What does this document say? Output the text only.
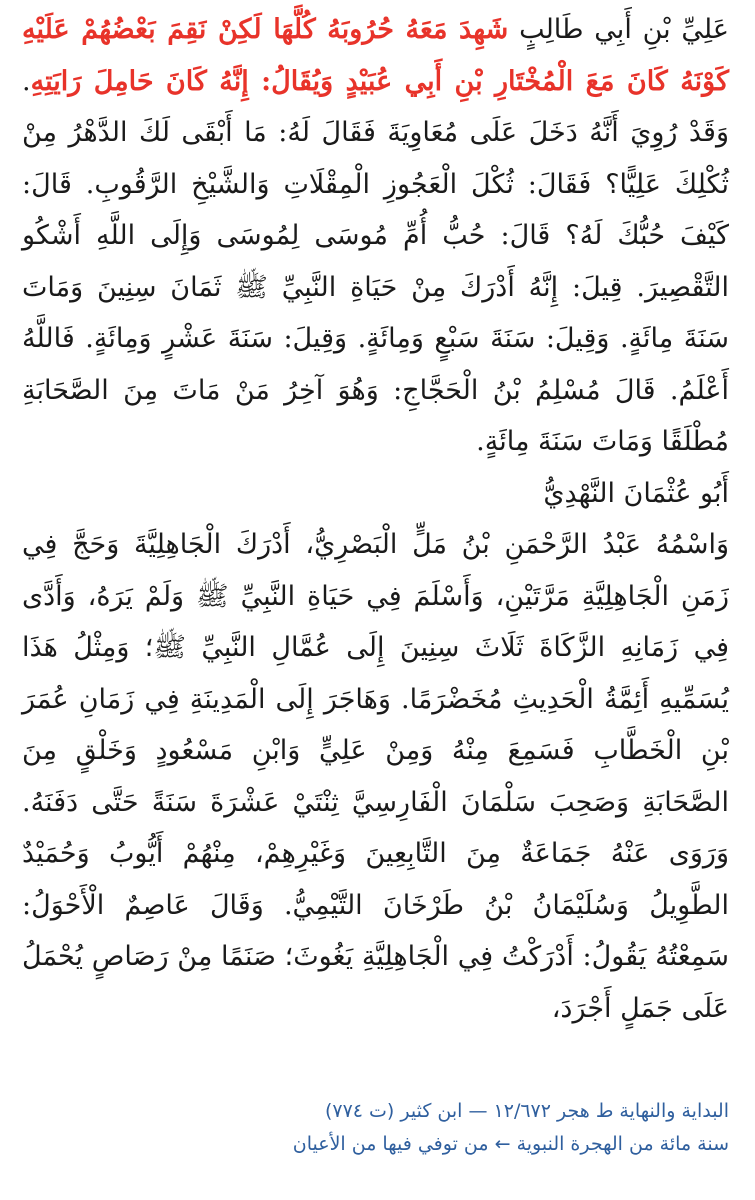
عَلِيِّ بْنِ أَبِي طَالِبٍ شَهِدَ مَعَهُ حُرُوبَهُ كُلَّهَا لَكِنْ نَقِمَ بَعْضُهُمْ عَلَيْهِ كَوْنَهُ كَانَ مَعَ الْمُخْتَارِ بْنِ أَبِي عُبَيْدٍ وَيُقَالُ: إِنَّهُ كَانَ حَامِلَ رَايَتِهِ. وَقَدْ رُوِيَ أَنَّهُ دَخَلَ عَلَى مُعَاوِيَةَ فَقَالَ لَهُ: مَا أَبْقَى لَكَ الدَّهْرُ مِنْ ثُكْلِكَ عَلِيًّا؟ فَقَالَ: ثُكْلَ الْعَجُوزِ الْمِقْلَاتِ وَالشَّيْخِ الرَّقُوبِ. قَالَ: كَيْفَ حُبُّكَ لَهُ؟ قَالَ: حُبُّ أُمِّ مُوسَى لِمُوسَى وَإِلَى اللَّهِ أَشْكُو التَّقْصِيرَ. قِيلَ: إِنَّهُ أَدْرَكَ مِنْ حَيَاةِ النَّبِيِّ ﷺ ثَمَانَ سِنِينَ وَمَاتَ سَنَةَ مِائَةٍ. وَقِيلَ: سَنَةَ سَبْعٍ وَمِائَةٍ. وَقِيلَ: سَنَةَ عَشْرٍ وَمِائَةٍ. فَاللَّهُ أَعْلَمُ. قَالَ مُسْلِمُ بْنُ الْحَجَّاجِ: وَهُوَ آخِرُ مَنْ مَاتَ مِنَ الصَّحَابَةِ مُطْلَقًا وَمَاتَ سَنَةَ مِائَةٍ.

أَبُو عُثْمَانَ النَّهْدِيُّ

وَاسْمُهُ عَبْدُ الرَّحْمَنِ بْنُ مَلٍّ الْبَصْرِيُّ، أَدْرَكَ الْجَاهِلِيَّةَ وَحَجَّ فِي زَمَنِ الْجَاهِلِيَّةِ مَرَّتَيْنِ، وَأَسْلَمَ فِي حَيَاةِ النَّبِيِّ ﷺ وَلَمْ يَرَهُ، وَأَدَّى فِي زَمَانِهِ الزَّكَاةَ ثَلَاثَ سِنِينَ إِلَى عُمَّالِ النَّبِيِّ ﷺ؛ وَمِثْلُ هَذَا يُسَمِّيهِ أَئِمَّةُ الْحَدِيثِ مُخَضْرَمًا. وَهَاجَرَ إِلَى الْمَدِينَةِ فِي زَمَانِ عُمَرَ بْنِ الْخَطَّابِ فَسَمِعَ مِنْهُ وَمِنْ عَلِيٍّ وَابْنِ مَسْعُودٍ وَخَلْقٍ مِنَ الصَّحَابَةِ وَصَحِبَ سَلْمَانَ الْفَارِسِيَّ ثِنْتَيْ عَشْرَةَ سَنَةً حَتَّى دَفَنَهُ. وَرَوَى عَنْهُ جَمَاعَةٌ مِنَ التَّابِعِينَ وَغَيْرِهِمْ، مِنْهُمْ أَيُّوبُ وَحُمَيْدٌ الطَّوِيلُ وَسُلَيْمَانُ بْنُ طَرْخَانَ التَّيْمِيُّ. وَقَالَ عَاصِمٌ الْأَحْوَلُ: سَمِعْتُهُ يَقُولُ: أَدْرَكْتُ فِي الْجَاهِلِيَّةِ يَغُوثَ؛ صَنَمًا مِنْ رَصَاصٍ يُحْمَلُ عَلَى جَمَلٍ أَجْرَدَ،

البداية والنهاية ط هجر ١٢/٦٧٢ — ابن كثير (ت ٧٧٤)
سنة مائة من الهجرة النبوية ← من توفي فيها من الأعيان
